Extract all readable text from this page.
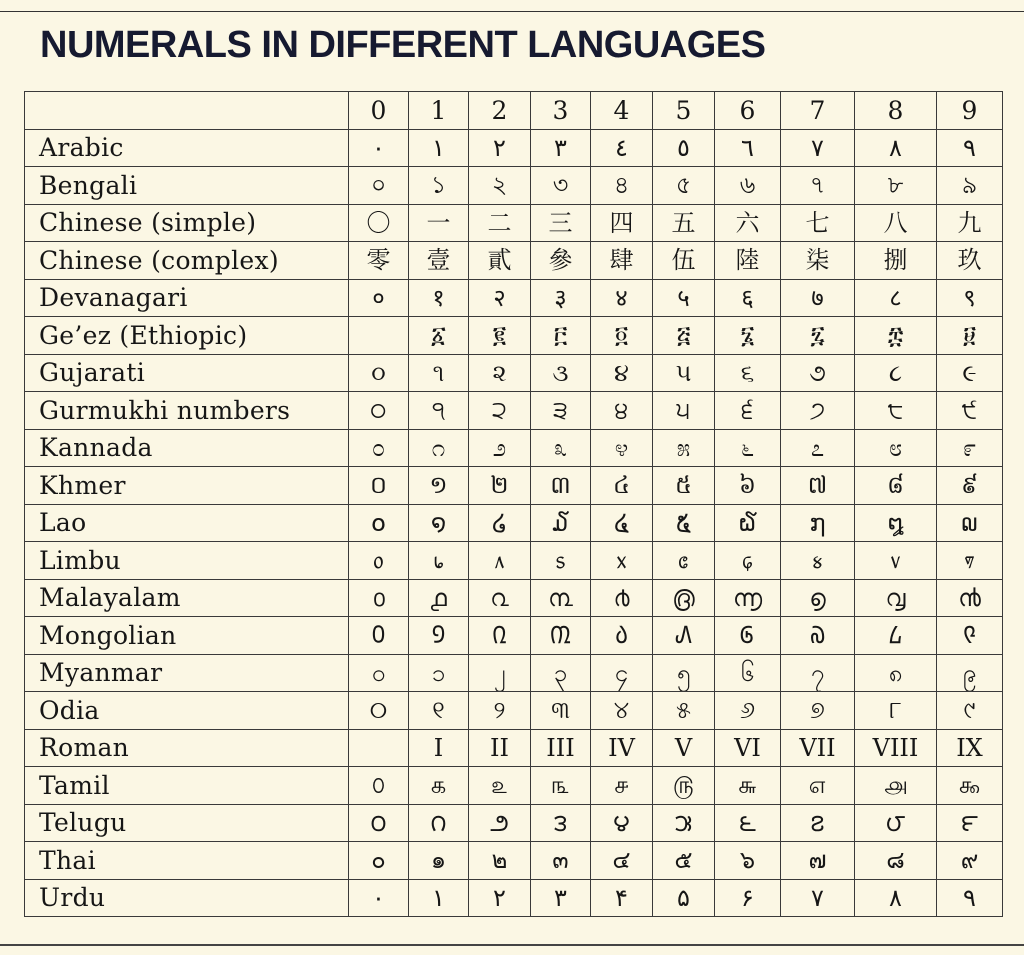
NUMERALS IN DIFFERENT LANGUAGES
	0	1	2	3	4	5	6	7	8	9
Arabic	٠	١	٢	٣	٤	٥	٦	٧	٨	٩
Bengali	০	১	২	৩	৪	৫	৬	৭	৮	৯
Chinese (simple)	〇	一	二	三	四	五	六	七	八	九
Chinese (complex)	零	壹	貳	參	肆	伍	陸	柒	捌	玖
Devanagari	०	१	२	३	४	५	६	७	८	९
Ge’ez (Ethiopic)		፩	፪	፫	፬	፭	፮	፯	፰	፱
Gujarati	૦	૧	૨	૩	૪	૫	૬	૭	૮	૯
Gurmukhi numbers	੦	੧	੨	੩	੪	੫	੬	੭	੮	੯
Kannada	೦	೧	೨	೩	೪	೫	೬	೭	೮	೯
Khmer	០	១	២	៣	៤	៥	៦	៧	៨	៩
Lao	໐	໑	໒	໓	໔	໕	໖	໗	໘	໙
Limbu	᥆	᥇	᥈	᥉	᥊	᥋	᥌	᥍	᥎	᥏
Malayalam	൦	൧	൨	൩	൪	൫	൬	൭	൮	൯
Mongolian	᠐	᠑	᠒	᠓	᠔	᠕	᠖	᠗	᠘	᠙
Myanmar	၀	၁	၂	၃	၄	၅	၆	၇	၈	၉
Odia	୦	୧	୨	୩	୪	୫	୬	୭	୮	୯
Roman		I	II	III	IV	V	VI	VII	VIII	IX
Tamil	௦	௧	௨	௩	௪	௫	௬	௭	௮	௯
Telugu	౦	౧	౨	౩	౪	౫	౬	౭	౮	౯
Thai	๐	๑	๒	๓	๔	๕	๖	๗	๘	๙
Urdu	۰	۱	۲	۳	۴	۵	۶	۷	۸	۹
